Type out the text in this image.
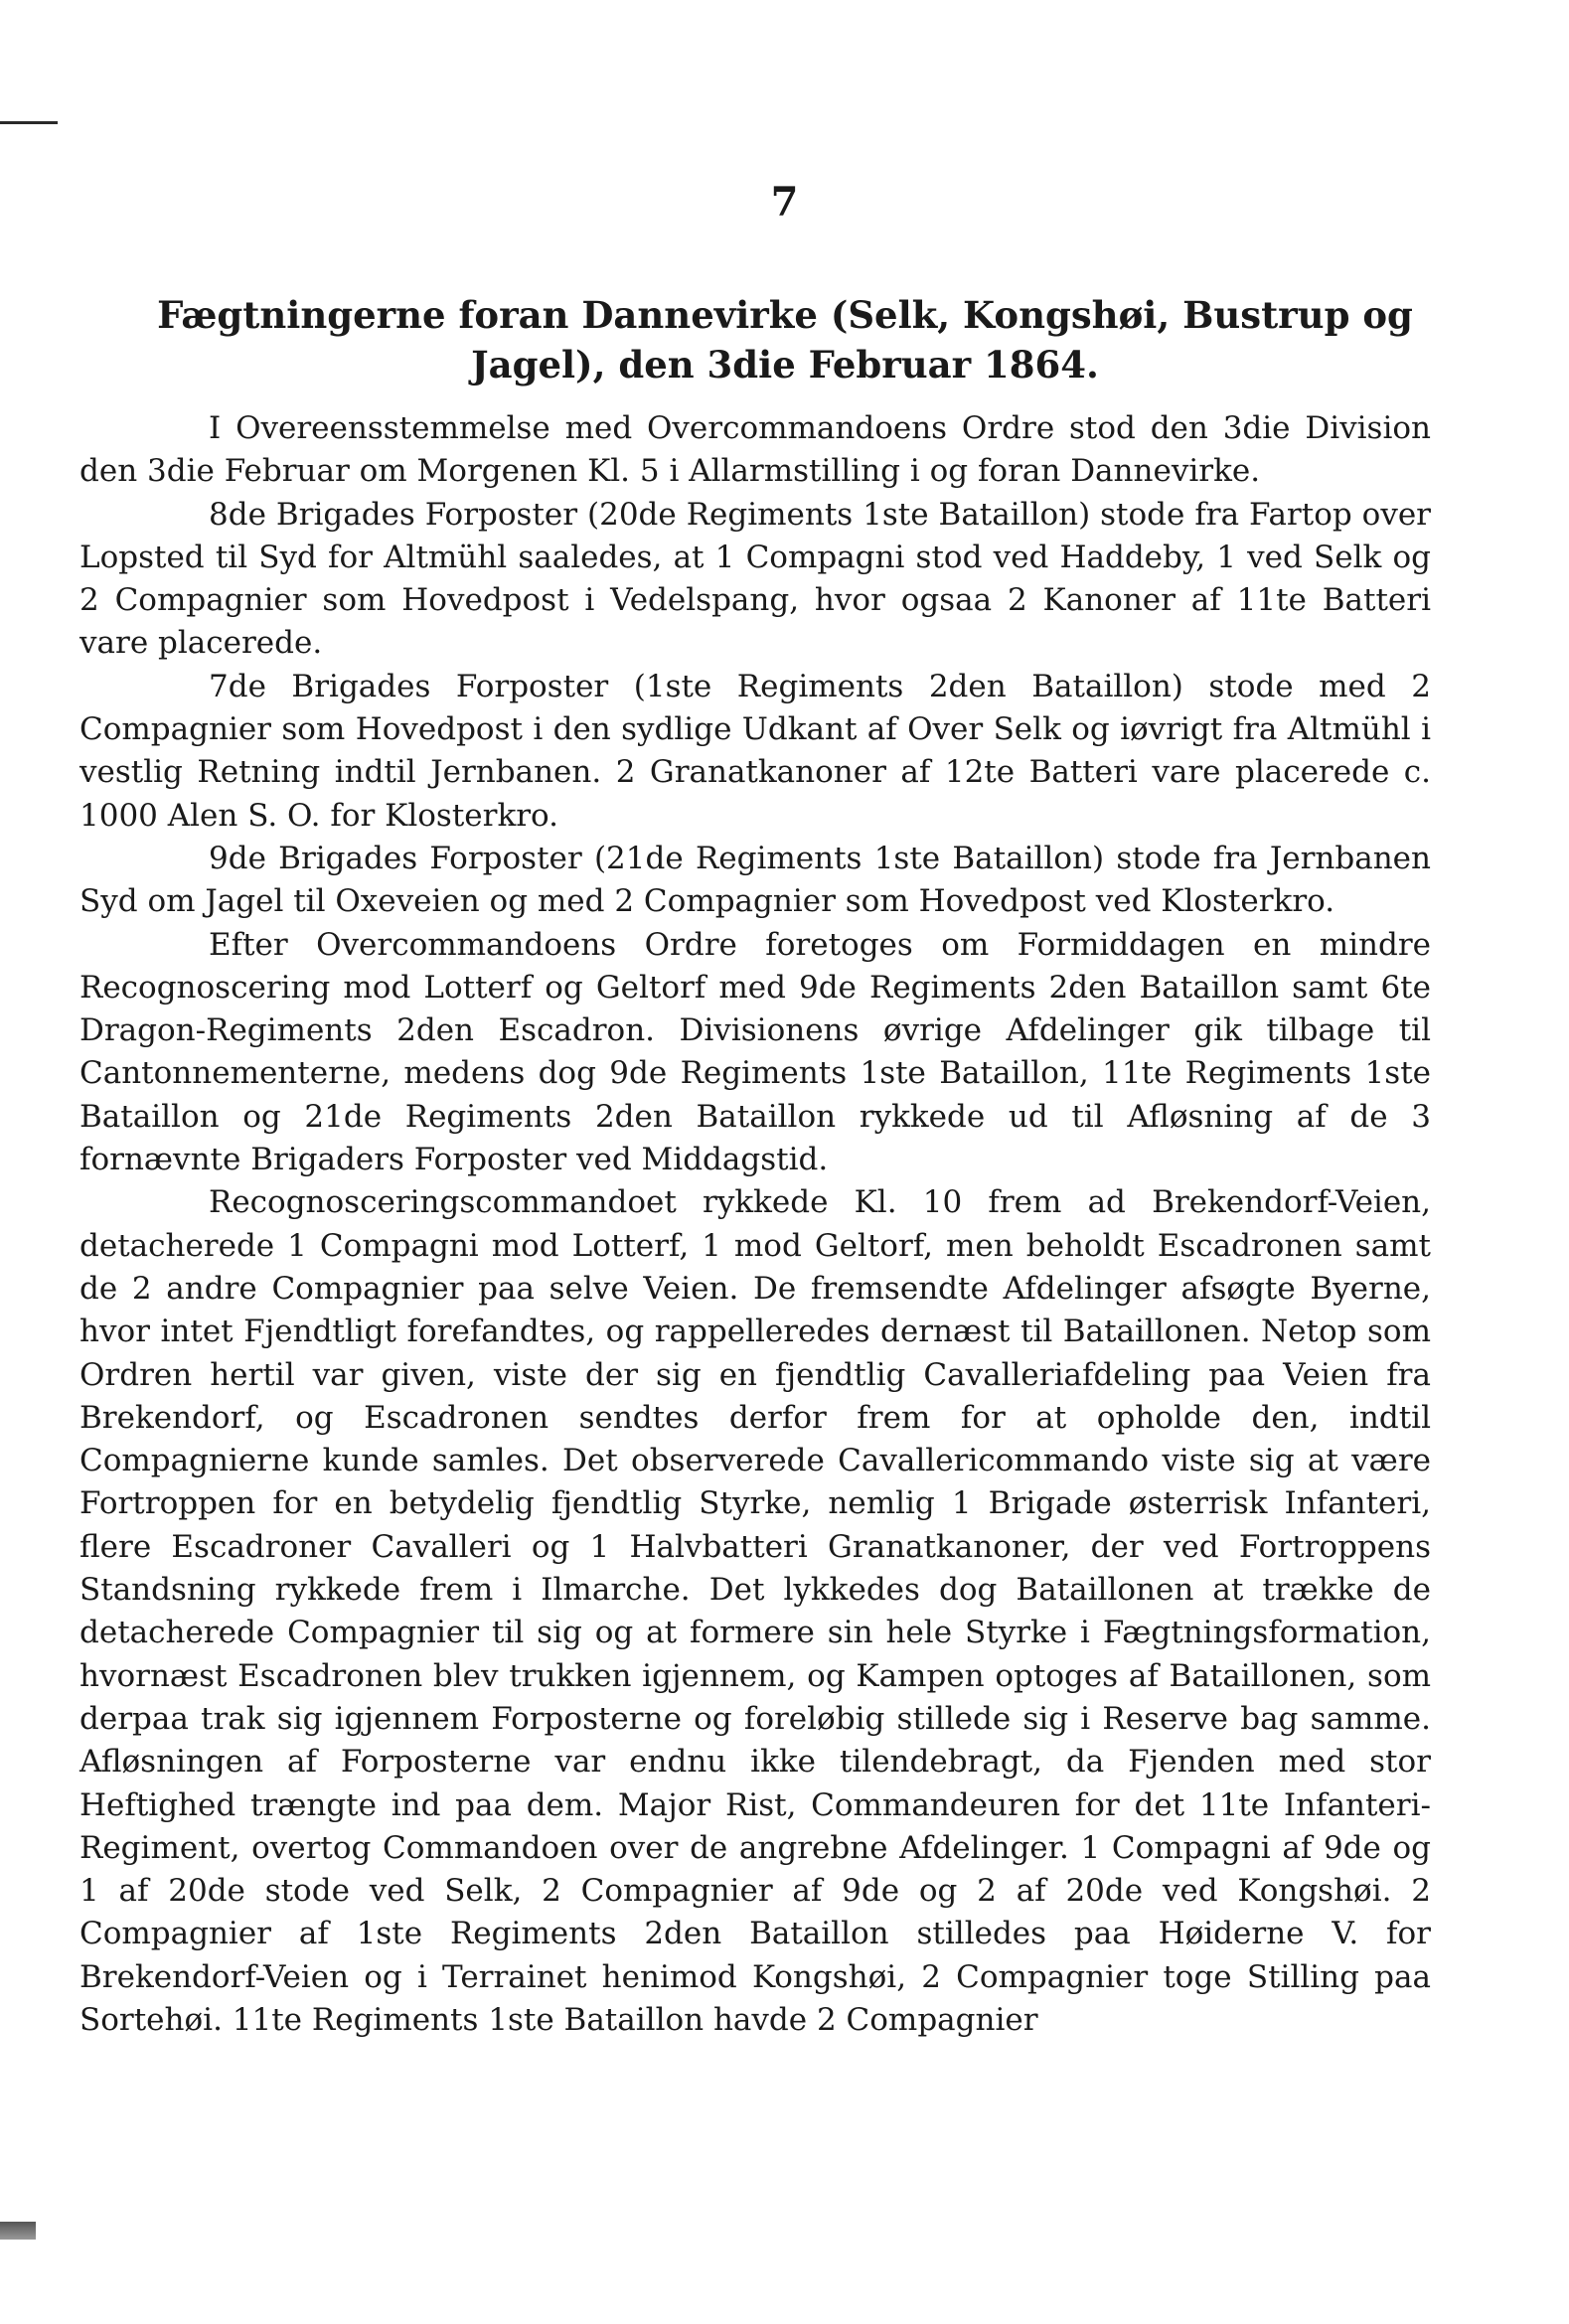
7
Fægtningerne foran Dannevirke (Selk, Kongshøi, Bustrup og Jagel), den 3die Februar 1864.

I Overeensstemmelse med Overcommandoens Ordre stod den 3die Division den 3die Februar om Morgenen Kl. 5 i Allarmstilling i og foran Dannevirke.

8de Brigades Forposter (20de Regiments 1ste Bataillon) stode fra Fartop over Lopsted til Syd for Altmühl saaledes, at 1 Compagni stod ved Haddeby, 1 ved Selk og 2 Compagnier som Hovedpost i Vedelspang, hvor ogsaa 2 Kanoner af 11te Batteri vare placerede.

7de Brigades Forposter (1ste Regiments 2den Bataillon) stode med 2 Compagnier som Hovedpost i den sydlige Udkant af Over Selk og iøvrigt fra Altmühl i vestlig Retning indtil Jernbanen. 2 Granatkanoner af 12te Batteri vare placerede c. 1000 Alen S. O. for Klosterkro.

9de Brigades Forposter (21de Regiments 1ste Bataillon) stode fra Jernbanen Syd om Jagel til Oxeveien og med 2 Compagnier som Hovedpost ved Klosterkro.

Efter Overcommandoens Ordre foretoges om Formiddagen en mindre Recognoscering mod Lotterf og Geltorf med 9de Regiments 2den Bataillon samt 6te Dragon-Regiments 2den Escadron. Divisionens øvrige Afdelinger gik tilbage til Cantonnementerne, medens dog 9de Regiments 1ste Bataillon, 11te Regiments 1ste Bataillon og 21de Regiments 2den Bataillon rykkede ud til Afløsning af de 3 fornævnte Brigaders Forposter ved Middagstid.

Recognosceringscommandoet rykkede Kl. 10 frem ad Brekendorf-Veien, detacherede 1 Compagni mod Lotterf, 1 mod Geltorf, men beholdt Escadronen samt de 2 andre Compagnier paa selve Veien. De fremsendte Afdelinger afsøgte Byerne, hvor intet Fjendtligt forefandtes, og rappelleredes dernæst til Bataillonen. Netop som Ordren hertil var given, viste der sig en fjendtlig Cavalleriafdeling paa Veien fra Brekendorf, og Escadronen sendtes derfor frem for at opholde den, indtil Compagnierne kunde samles. Det observerede Cavallericommando viste sig at være Fortroppen for en betydelig fjendtlig Styrke, nemlig 1 Brigade østerrisk Infanteri, flere Escadroner Cavalleri og 1 Halvbatteri Granatkanoner, der ved Fortroppens Standsning rykkede frem i Ilmarche. Det lykkedes dog Bataillonen at trække de detacherede Compagnier til sig og at formere sin hele Styrke i Fægtningsformation, hvornæst Escadronen blev trukken igjennem, og Kampen optoges af Bataillonen, som derpaa trak sig igjennem Forposterne og foreløbig stillede sig i Reserve bag samme. Afløsningen af Forposterne var endnu ikke tilendebragt, da Fjenden med stor Heftighed trængte ind paa dem. Major Rist, Commandeuren for det 11te Infanteri-Regiment, overtog Commandoen over de angrebne Afdelinger. 1 Compagni af 9de og 1 af 20de stode ved Selk, 2 Compagnier af 9de og 2 af 20de ved Kongshøi. 2 Compagnier af 1ste Regiments 2den Bataillon stilledes paa Høiderne V. for Brekendorf-Veien og i Terrainet henimod Kongshøi, 2 Compagnier toge Stilling paa Sortehøi. 11te Regiments 1ste Bataillon havde 2 Compagnier
